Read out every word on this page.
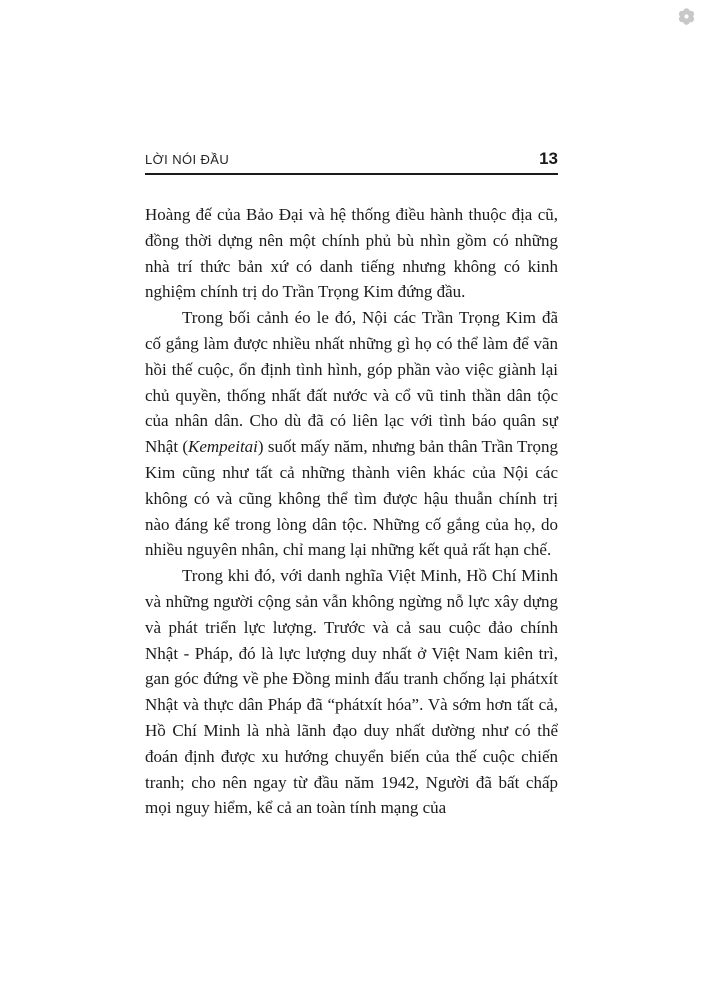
LỜI NÓI ĐẦU	13

Hoàng đế của Bảo Đại và hệ thống điều hành thuộc địa cũ, đồng thời dựng nên một chính phủ bù nhìn gồm có những nhà trí thức bản xứ có danh tiếng nhưng không có kinh nghiệm chính trị do Trần Trọng Kim đứng đầu.

Trong bối cảnh éo le đó, Nội các Trần Trọng Kim đã cố gắng làm được nhiều nhất những gì họ có thể làm để vãn hồi thế cuộc, ổn định tình hình, góp phần vào việc giành lại chủ quyền, thống nhất đất nước và cổ vũ tinh thần dân tộc của nhân dân. Cho dù đã có liên lạc với tình báo quân sự Nhật (Kempeitai) suốt mấy năm, nhưng bản thân Trần Trọng Kim cũng như tất cả những thành viên khác của Nội các không có và cũng không thể tìm được hậu thuẫn chính trị nào đáng kể trong lòng dân tộc. Những cố gắng của họ, do nhiều nguyên nhân, chỉ mang lại những kết quả rất hạn chế.

Trong khi đó, với danh nghĩa Việt Minh, Hồ Chí Minh và những người cộng sản vẫn không ngừng nỗ lực xây dựng và phát triển lực lượng. Trước và cả sau cuộc đảo chính Nhật - Pháp, đó là lực lượng duy nhất ở Việt Nam kiên trì, gan góc đứng về phe Đồng minh đấu tranh chống lại phátxít Nhật và thực dân Pháp đã “phátxít hóa”. Và sớm hơn tất cả, Hồ Chí Minh là nhà lãnh đạo duy nhất dường như có thể đoán định được xu hướng chuyển biến của thế cuộc chiến tranh; cho nên ngay từ đầu năm 1942, Người đã bất chấp mọi nguy hiểm, kể cả an toàn tính mạng của
